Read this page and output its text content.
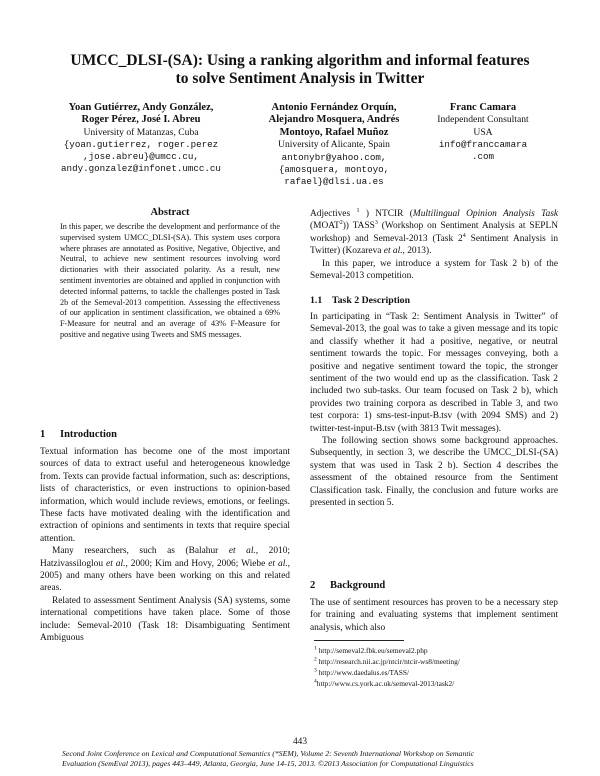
UMCC_DLSI-(SA): Using a ranking algorithm and informal features
to solve Sentiment Analysis in Twitter
Yoan Gutiérrez, Andy González,
Roger Pérez, José I. Abreu
University of Matanzas, Cuba
{yoan.gutierrez, roger.perez
,jose.abreu}@umcc.cu,
andy.gonzalez@infonet.umcc.cu
Antonio Fernández Orquín,
Alejandro Mosquera, Andrés
Montoyo, Rafael Muñoz
University of Alicante, Spain
antonybr@yahoo.com,
{amosquera, montoyo,
rafael}@dlsi.ua.es
Franc Camara
Independent Consultant
USA
info@franccamara
.com
Abstract
In this paper, we describe the development and performance of the supervised system UMCC_DLSI-(SA). This system uses corpora where phrases are annotated as Positive, Negative, Objective, and Neutral, to achieve new sentiment resources involving word dictionaries with their associated polarity. As a result, new sentiment inventories are obtained and applied in conjunction with detected informal patterns, to tackle the challenges posted in Task 2b of the Semeval-2013 competition. Assessing the effectiveness of our application in sentiment classification, we obtained a 69% F-Measure for neutral and an average of 43% F-Measure for positive and negative using Tweets and SMS messages.
1 Introduction

Textual information has become one of the most important sources of data to extract useful and heterogeneous knowledge from. Texts can provide factual information, such as: descriptions, lists of characteristics, or even instructions to opinion-based information, which would include reviews, emotions, or feelings. These facts have motivated dealing with the identification and extraction of opinions and sentiments in texts that require special attention.

Many researchers, such as (Balahur et al., 2010; Hatzivassiloglou et al., 2000; Kim and Hovy, 2006; Wiebe et al., 2005) and many others have been working on this and related areas.

Related to assessment Sentiment Analysis (SA) systems, some international competitions have taken place. Some of those include: Semeval-2010 (Task 18: Disambiguating Sentiment Ambiguous

Adjectives $^1$ ) NTCIR (Multilingual Opinion Analysis Task (MOAT$^2$)) TASS$^3$ (Workshop on Sentiment Analysis at SEPLN workshop) and Semeval-2013 (Task $2^4$ Sentiment Analysis in Twitter) (Kozareva et al., 2013).

In this paper, we introduce a system for Task 2 b) of the Semeval-2013 competition.

1.1 Task 2 Description

In participating in “Task 2: Sentiment Analysis in Twitter” of Semeval-2013, the goal was to take a given message and its topic and classify whether it had a positive, negative, or neutral sentiment towards the topic. For messages conveying, both a positive and negative sentiment toward the topic, the stronger sentiment of the two would end up as the classification. Task 2 included two sub-tasks. Our team focused on Task 2 b), which provides two training corpora as described in Table 3, and two test corpora: 1) sms-test-input-B.tsv (with 2094 SMS) and 2) twitter-test-input-B.tsv (with 3813 Twit messages).

The following section shows some background approaches. Subsequently, in section 3, we describe the UMCC_DLSI-(SA) system that was used in Task 2 b). Section 4 describes the assessment of the obtained resource from the Sentiment Classification task. Finally, the conclusion and future works are presented in section 5.

2 Background

The use of sentiment resources has proven to be a necessary step for training and evaluating systems that implement sentiment analysis, which also

$^1$ http://semeval2.fbk.eu/semeval2.php
$^2$ http://research.nii.ac.jp/ntcir/ntcir-ws8/meeting/
$^3$ http://www.daedalus.es/TASS/
$^4$http://www.cs.york.ac.uk/semeval-2013/task2/
443
Second Joint Conference on Lexical and Computational Semantics (*SEM), Volume 2: Seventh International Workshop on Semantic
Evaluation (SemEval 2013), pages 443–449, Atlanta, Georgia, June 14-15, 2013. ©2013 Association for Computational Linguistics
